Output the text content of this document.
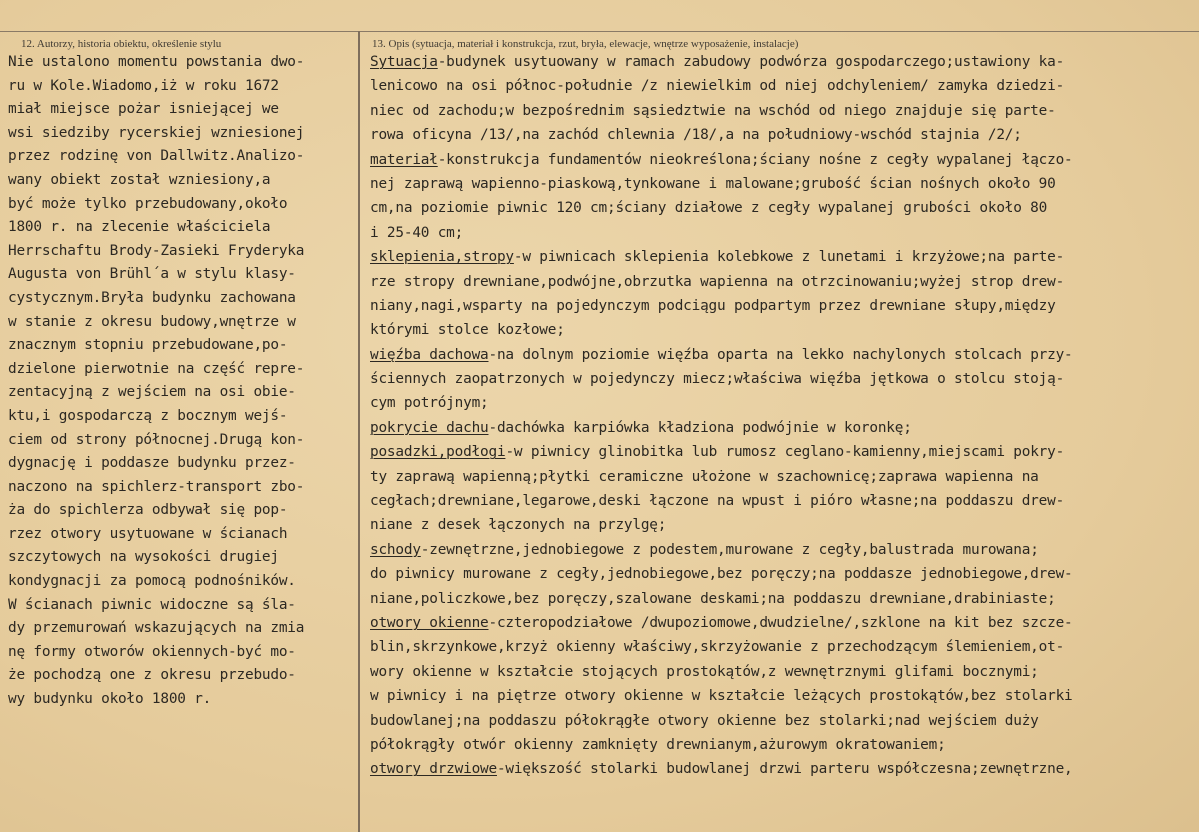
12. Autorzy, historia obiektu, określenie stylu	13. Opis (sytuacja, materiał i konstrukcja, rzut, bryła, elewacje, wnętrze wyposażenie, instalacje)
Nie ustalono momentu powstania dwo-
ru w Kole.Wiadomo,iż w roku 1672
miał miejsce pożar isniejącej we
wsi siedziby rycerskiej wzniesionej
przez rodzinę von Dallwitz.Analizo-
wany obiekt został wzniesiony,a
być może tylko przebudowany,około
1800 r. na zlecenie właściciela
Herrschaftu Brody-Zasieki Fryderyka
Augusta von Brühl´a w stylu klasy-
cystycznym.Bryła budynku zachowana
w stanie z okresu budowy,wnętrze w
znacznym stopniu przebudowane,po-
dzielone pierwotnie na część repre-
zentacyjną z wejściem na osi obie-
ktu,i gospodarczą z bocznym wejś-
ciem od strony północnej.Drugą kon-
dygnację i poddasze budynku przez-
naczono na spichlerz-transport zbo-
ża do spichlerza odbywał się pop-
rzez otwory usytuowane w ścianach
szczytowych na wysokości drugiej
kondygnacji za pomocą podnośników.
W ścianach piwnic widoczne są śla-
dy przemurowań wskazujących na zmia
nę formy otworów okiennych-być mo-
że pochodzą one z okresu przebudo-
wy budynku około 1800 r.
Sytuacja-budynek usytuowany w ramach zabudowy podwórza gospodarczego;ustawiony ka-
lenicowo na osi północ-południe /z niewielkim od niej odchyleniem/ zamyka dziedzi-
niec od zachodu;w bezpośrednim sąsiedztwie na wschód od niego znajduje się parte-
rowa oficyna /13/,na zachód chlewnia /18/,a na południowy-wschód stajnia /2/;
materiał-konstrukcja fundamentów nieokreślona;ściany nośne z cegły wypalanej łączo-
nej zaprawą wapienno-piaskową,tynkowane i malowane;grubość ścian nośnych około 90
cm,na poziomie piwnic 120 cm;ściany działowe z cegły wypalanej grubości około 80
i 25-40 cm;
sklepienia,stropy-w piwnicach sklepienia kolebkowe z lunetami i krzyżowe;na parte-
rze stropy drewniane,podwójne,obrzutka wapienna na otrzcinowaniu;wyżej strop drew-
niany,nagi,wsparty na pojedynczym podciągu podpartym przez drewniane słupy,między
którymi stolce kozłowe;
więźba dachowa-na dolnym poziomie więźba oparta na lekko nachylonych stolcach przy-
ściennych zaopatrzonych w pojedynczy miecz;właściwa więźba jętkowa o stolcu stoją-
cym potrójnym;
pokrycie dachu-dachówka karpiówka kładziona podwójnie w koronkę;
posadzki,podłogi-w piwnicy glinobitka lub rumosz ceglano-kamienny,miejscami pokry-
ty zaprawą wapienną;płytki ceramiczne ułożone w szachownicę;zaprawa wapienna na
cegłach;drewniane,legarowe,deski łączone na wpust i pióro własne;na poddaszu drew-
niane z desek łączonych na przylgę;
schody-zewnętrzne,jednobiegowe z podestem,murowane z cegły,balustrada murowana;
do piwnicy murowane z cegły,jednobiegowe,bez poręczy;na poddasze jednobiegowe,drew-
niane,policzkowe,bez poręczy,szalowane deskami;na poddaszu drewniane,drabiniaste;
otwory okienne-czteropodziałowe /dwupoziomowe,dwudzielne/,szklone na kit bez szcze-
blin,skrzynkowe,krzyż okienny właściwy,skrzyżowanie z przechodzącym ślemieniem,ot-
wory okienne w kształcie stojących prostokątów,z wewnętrznymi glifami bocznymi;
w piwnicy i na piętrze otwory okienne w kształcie leżących prostokątów,bez stolarki
budowlanej;na poddaszu półokrągłe otwory okienne bez stolarki;nad wejściem duży
półokrągły otwór okienny zamknięty drewnianym,ażurowym okratowaniem;
otwory drzwiowe-większość stolarki budowlanej drzwi parteru współczesna;zewnętrzne,
